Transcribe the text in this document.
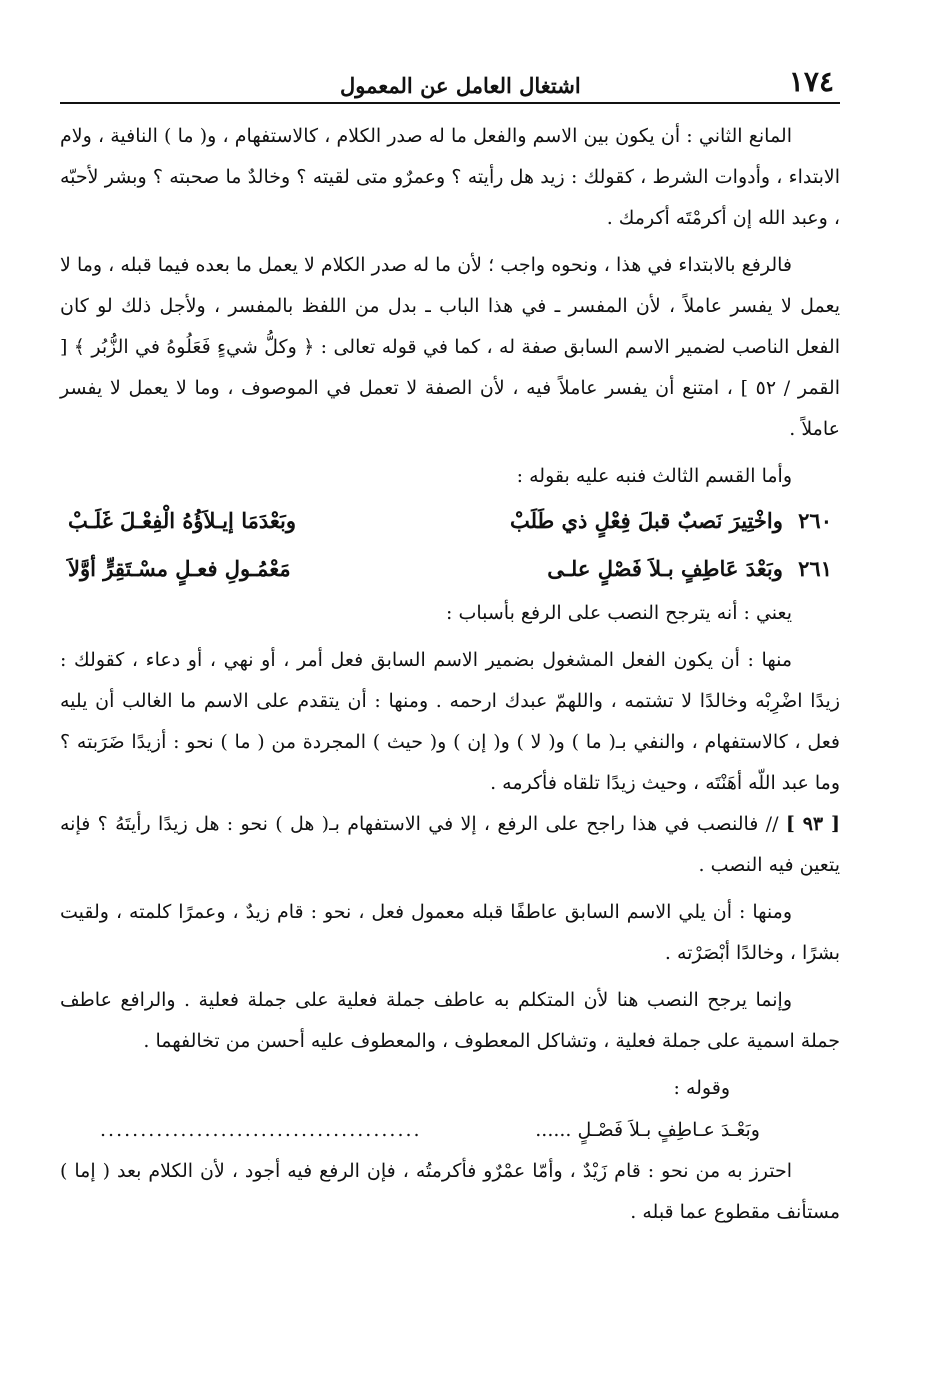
١٧٤
اشتغال العامل عن المعمول

المانع الثاني : أن يكون بين الاسم والفعل ما له صدر الكلام ، كالاستفهام ، و( ما ) النافية ، ولام الابتداء ، وأدوات الشرط ، كقولك : زيد هل رأيته ؟ وعمرٌو متى لقيته ؟ وخالدٌ ما صحبته ؟ وبشر لأحبّه ، وعبد الله إن أكرمْتَه أكرمك .

فالرفع بالابتداء في هذا ، ونحوه واجب ؛ لأن ما له صدر الكلام لا يعمل ما بعده فيما قبله ، وما لا يعمل لا يفسر عاملاً ، لأن المفسر ـ في هذا الباب ـ بدل من اللفظ بالمفسر ، ولأجل ذلك لو كان الفعل الناصب لضمير الاسم السابق صفة له ، كما في قوله تعالى : ﴿ وكلُّ شيءٍ فَعَلُوهُ في الزُّبُر ﴾ [ القمر / ٥٢ ] ، امتنع أن يفسر عاملاً فيه ، لأن الصفة لا تعمل في الموصوف ، وما لا يعمل لا يفسر عاملاً .

وأما القسم الثالث فنبه عليه بقوله :

٢٦٠ واخْتِيرَ نَصبٌ قبلَ فِعْلٍ ذي طَلَبْ
وبَعْدَمَا إيـلاَؤُهُ الْفِعْـلَ غَلَـبْ
٢٦١ وبَعْدَ عَاطِفٍ بـلاَ فَصْلٍ علـى
مَعْمُـولِ فعـلٍ مسْـتَقِرٍّ أوَّلاَ

يعني : أنه يترجح النصب على الرفع بأسباب :

منها : أن يكون الفعل المشغول بضمير الاسم السابق فعل أمر ، أو نهي ، أو دعاء ، كقولك : زيدًا اضْرِبْه وخالدًا لا تشتمه ، واللهمّ عبدك ارحمه . ومنها : أن يتقدم على الاسم ما الغالب أن يليه فعل ، كالاستفهام ، والنفي بـ( ما ) و( لا ) و( إن ) و( حيث ) المجردة من ( ما ) نحو : أزيدًا ضَرَبته ؟ وما عبد اللّه أهَنْتَه ، وحيث زيدًا تلقاه فأكرمه .

[ ٩٣ ] // فالنصب في هذا راجح على الرفع ، إلا في الاستفهام بـ( هل ) نحو : هل زيدًا رأيتَهُ ؟ فإنه يتعين فيه النصب .

ومنها : أن يلي الاسم السابق عاطفًا قبله معمول فعل ، نحو : قام زيدٌ ، وعمرًا كلمته ، ولقيت بشرًا ، وخالدًا أبْصَرْته .

وإنما يرجح النصب هنا لأن المتكلم به عاطف جملة فعلية على جملة فعلية . والرافع عاطف جملة اسمية على جملة فعلية ، وتشاكل المعطوف ، والمعطوف عليه أحسن من تخالفهما .

وقوله :

وبَعْـدَ عـاطِفٍ بـلاَ فَصْـلٍ ......
........................................

احترز به من نحو : قام زَيْدٌ ، وأمّا عمْرٌو فأكرمتُه ، فإن الرفع فيه أجود ، لأن الكلام بعد ( إما ) مستأنف مقطوع عما قبله .
